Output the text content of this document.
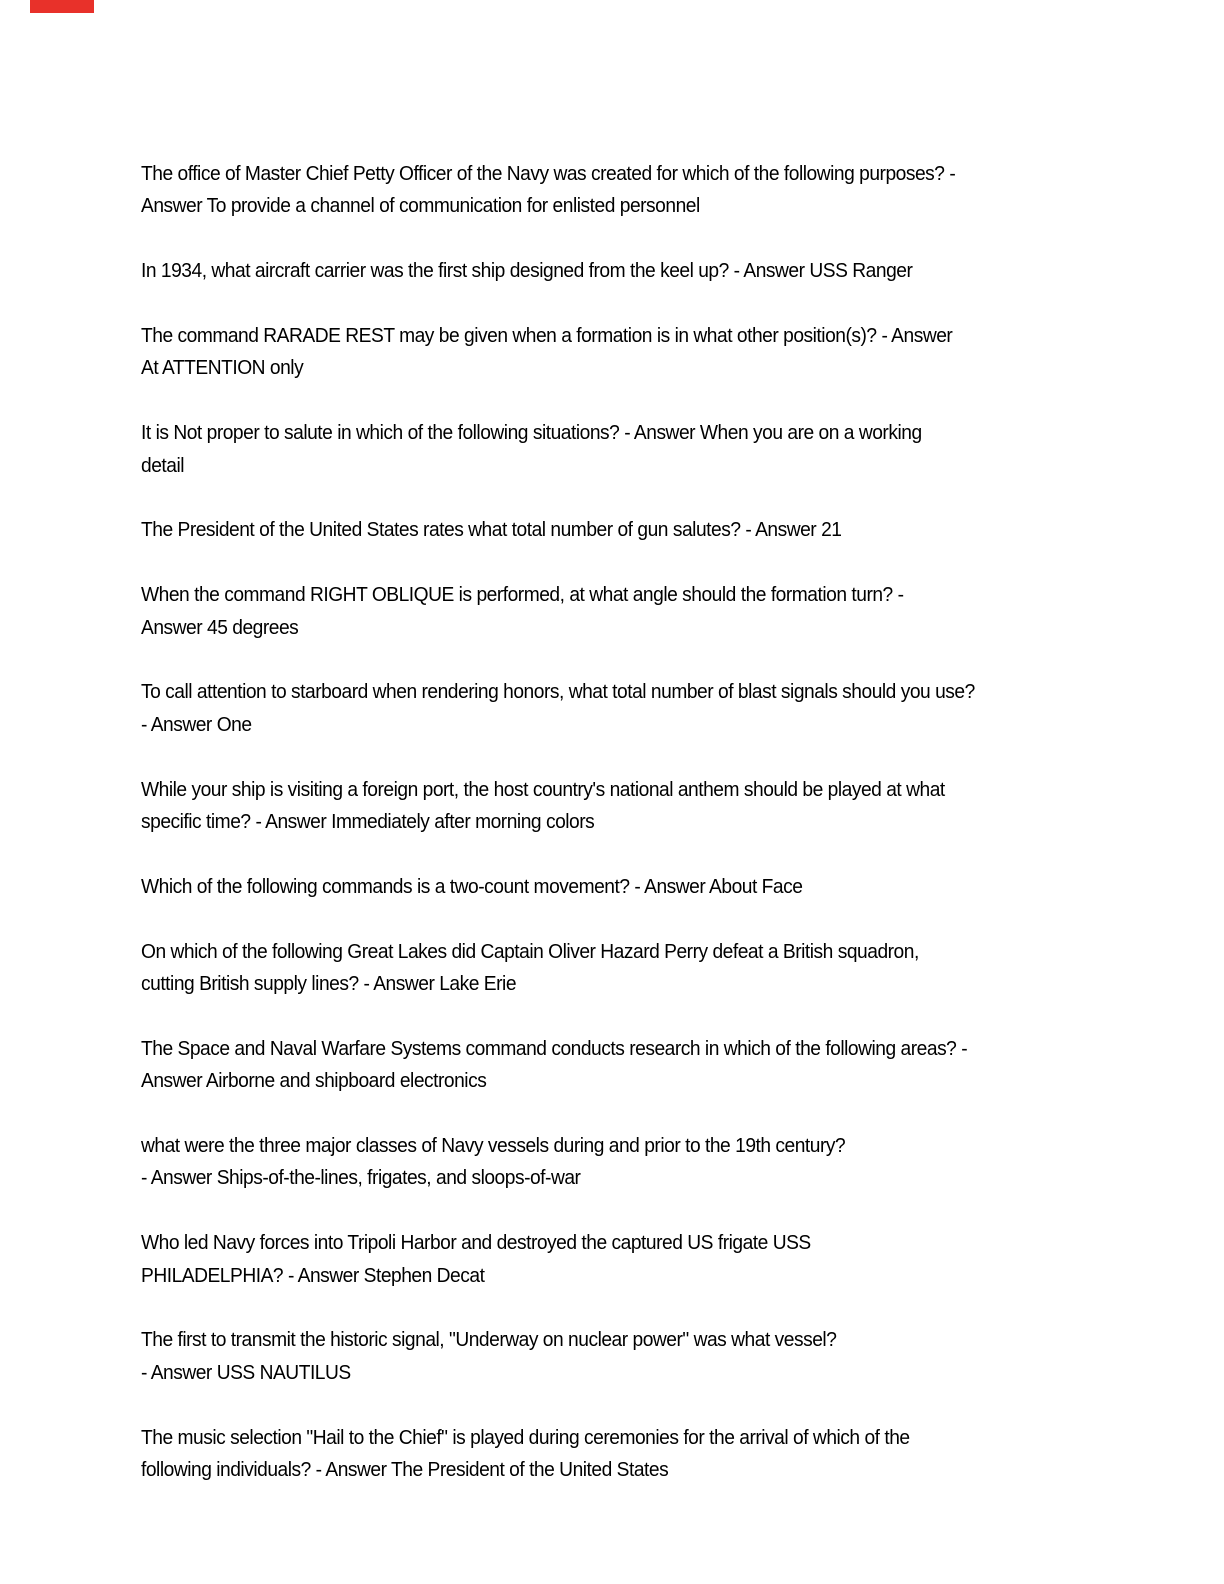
The office of Master Chief Petty Officer of the Navy was created for which of the following purposes? -
Answer To provide a channel of communication for enlisted personnel
In 1934, what aircraft carrier was the first ship designed from the keel up? - Answer USS Ranger
The command RARADE REST may be given when a formation is in what other position(s)? - Answer
At ATTENTION only
It is Not proper to salute in which of the following situations? - Answer When you are on a working
detail
The President of the United States rates what total number of gun salutes? - Answer 21
When the command RIGHT OBLIQUE is performed, at what angle should the formation turn? -
Answer 45 degrees
To call attention to starboard when rendering honors, what total number of blast signals should you use?
- Answer One
While your ship is visiting a foreign port, the host country's national anthem should be played at what
specific time? - Answer Immediately after morning colors
Which of the following commands is a two-count movement? - Answer About Face
On which of the following Great Lakes did Captain Oliver Hazard Perry defeat a British squadron,
cutting British supply lines? - Answer Lake Erie
The Space and Naval Warfare Systems command conducts research in which of the following areas? -
Answer Airborne and shipboard electronics
what were the three major classes of Navy vessels during and prior to the 19th century?
- Answer Ships-of-the-lines, frigates, and sloops-of-war
Who led Navy forces into Tripoli Harbor and destroyed the captured US frigate USS
PHILADELPHIA? - Answer Stephen Decat
The first to transmit the historic signal, "Underway on nuclear power" was what vessel?
- Answer USS NAUTILUS
The music selection "Hail to the Chief" is played during ceremonies for the arrival of which of the
following individuals? - Answer The President of the United States
